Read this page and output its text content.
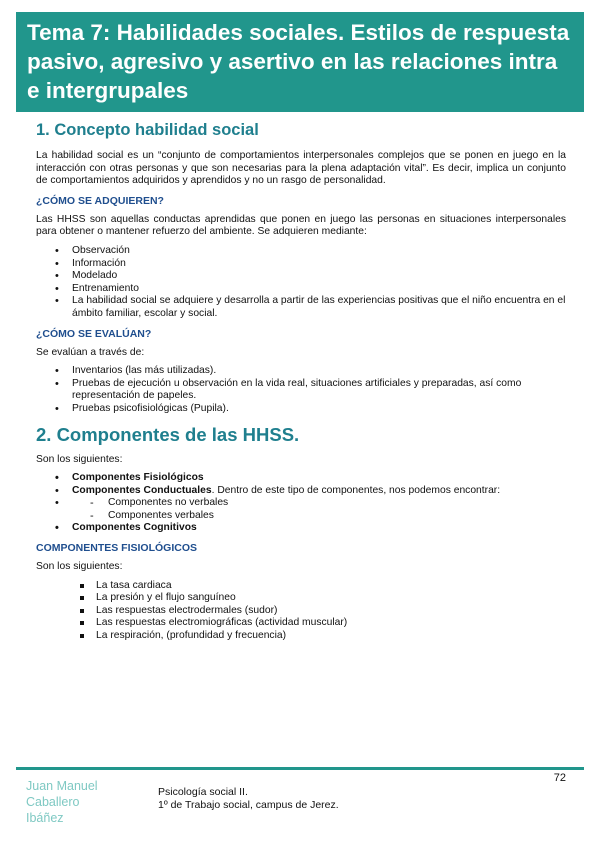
Tema 7: Habilidades sociales. Estilos de respuesta pasivo, agresivo y asertivo en las relaciones intra e intergrupales
1. Concepto habilidad social

La habilidad social es un “conjunto de comportamientos interpersonales complejos que se ponen en juego en la interacción con otras personas y que son necesarias para la plena adaptación vital”. Es decir, implica un conjunto de comportamientos adquiridos y aprendidos y no un rasgo de personalidad.

¿CÓMO SE ADQUIEREN?

Las HHSS son aquellas conductas aprendidas que ponen en juego las personas en situaciones interpersonales para obtener o mantener refuerzo del ambiente. Se adquieren mediante:

• Observación
• Información
• Modelado
• Entrenamiento
• La habilidad social se adquiere y desarrolla a partir de las experiencias positivas que el niño encuentra en el ámbito familiar, escolar y social.
¿CÓMO SE EVALÚAN?

Se evalúan a través de:

• Inventarios (las más utilizadas).
• Pruebas de ejecución u observación en la vida real, situaciones artificiales y preparadas, así como representación de papeles.
• Pruebas psicofisiológicas (Pupila).
2. Componentes de las HHSS.

Son los siguientes:

• Componentes Fisiológicos
• Componentes Conductuales. Dentro de este tipo de componentes, nos podemos encontrar:
- • Componentes no verbales
- Componentes verbales
• Componentes Cognitivos
COMPONENTES FISIOLÓGICOS

Son los siguientes:

La tasa cardiaca
La presión y el flujo sanguíneo
Las respuestas electrodermales (sudor)
Las respuestas electromiográficas (actividad muscular)
La respiración, (profundidad y frecuencia)
72
Juan Manuel
Caballero
Ibáñez
Psicología social II.
1º de Trabajo social, campus de Jerez.
